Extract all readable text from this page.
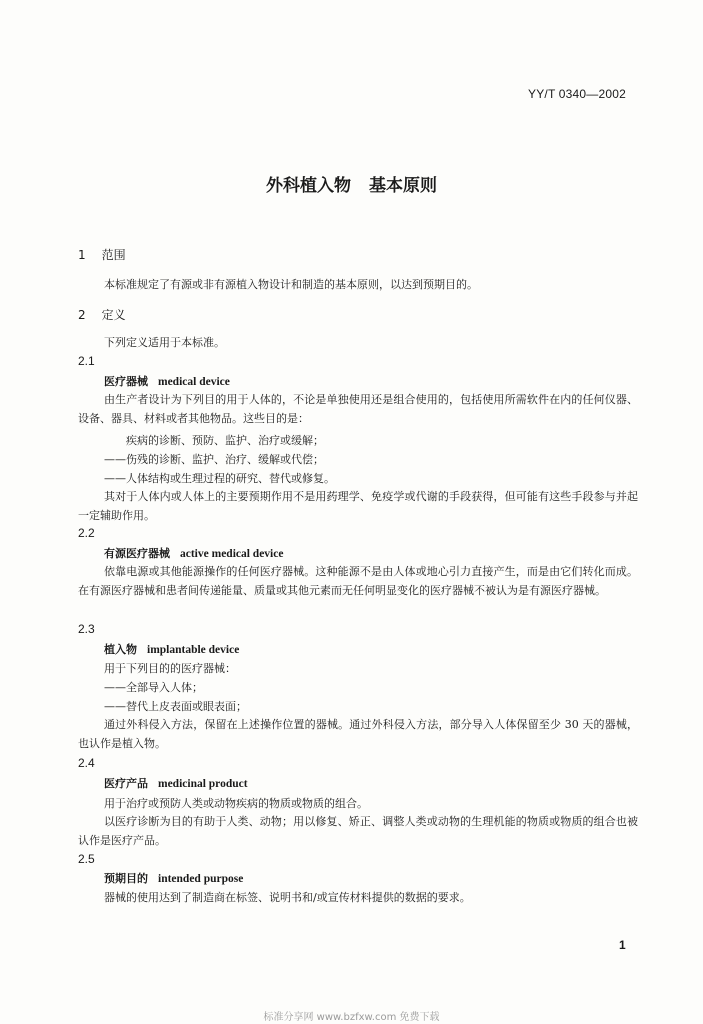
YY/T 0340—2002
外科植入物 基本原则
1 范围
本标准规定了有源或非有源植入物设计和制造的基本原则，以达到预期目的。
2 定义
下列定义适用于本标准。
2.1
医疗器械 medical device
由生产者设计为下列目的用于人体的，不论是单独使用还是组合使用的，包括使用所需软件在内的任何仪器、设备、器具、材料或者其他物品。这些目的是：
疾病的诊断、预防、监护、治疗或缓解；
——伤残的诊断、监护、治疗、缓解或代偿；
——人体结构或生理过程的研究、替代或修复。
其对于人体内或人体上的主要预期作用不是用药理学、免疫学或代谢的手段获得，但可能有这些手段参与并起一定辅助作用。
2.2
有源医疗器械 active medical device
依靠电源或其他能源操作的任何医疗器械。这种能源不是由人体或地心引力直接产生，而是由它们转化而成。在有源医疗器械和患者间传递能量、质量或其他元素而无任何明显变化的医疗器械不被认为是有源医疗器械。
2.3
植入物 implantable device
用于下列目的的医疗器械：
——全部导入人体；
——替代上皮表面或眼表面；
通过外科侵入方法，保留在上述操作位置的器械。通过外科侵入方法，部分导入人体保留至少 30 天的器械，也认作是植入物。
2.4
医疗产品 medicinal product
用于治疗或预防人类或动物疾病的物质或物质的组合。
以医疗诊断为目的有助于人类、动物；用以修复、矫正、调整人类或动物的生理机能的物质或物质的组合也被认作是医疗产品。
2.5
预期目的 intended purpose
器械的使用达到了制造商在标签、说明书和/或宣传材料提供的数据的要求。
1
标准分享网 www.bzfxw.com 免费下载
